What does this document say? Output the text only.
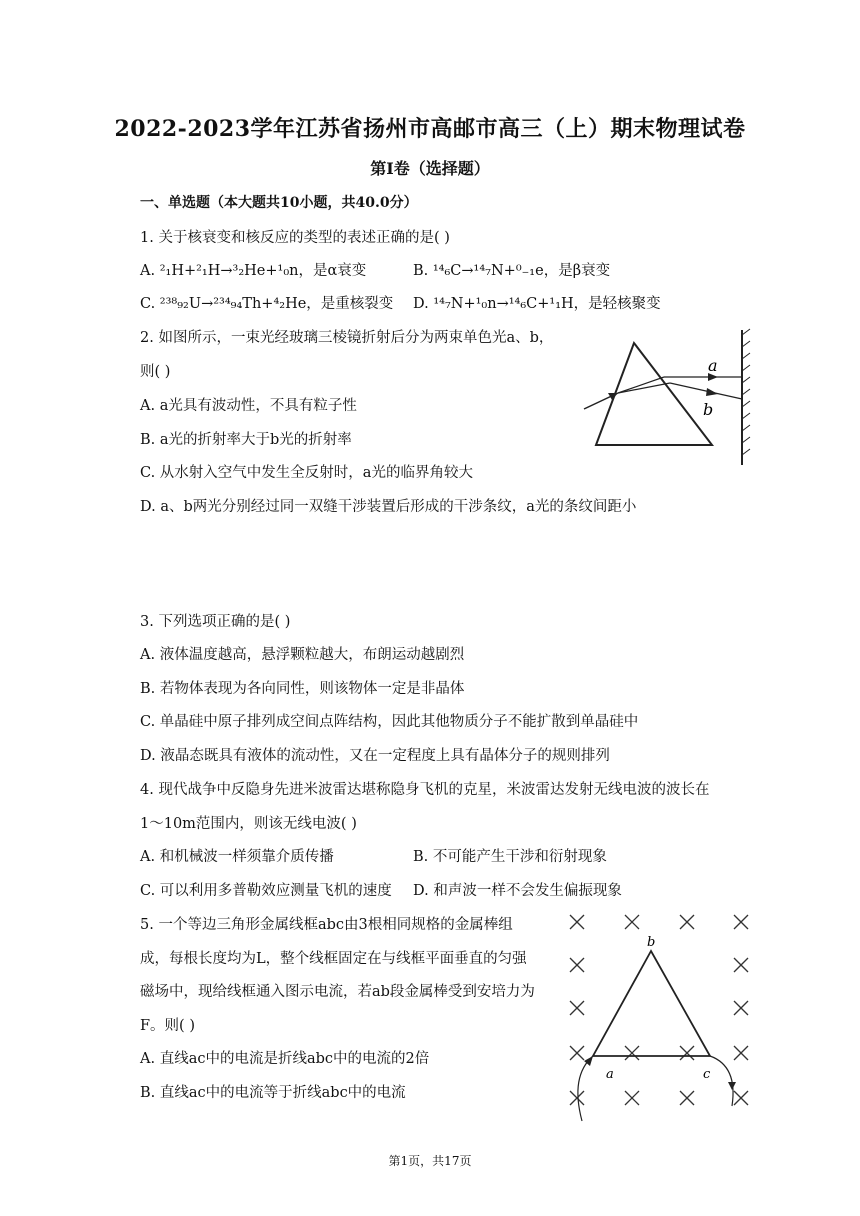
2022-2023学年江苏省扬州市高邮市高三（上）期末物理试卷
第Ⅰ卷（选择题）
一、单选题（本大题共10小题，共40.0分）
1. 关于核衰变和核反应的类型的表述正确的是( )
A. ²₁H+²₁H→³₂He+¹₀n，是α衰变	B. ¹⁴₆C→¹⁴₇N+⁰₋₁e，是β衰变
C. ²³⁸₉₂U→²³⁴₉₄Th+⁴₂He，是重核裂变 D. ¹⁴₇N+¹₀n→¹⁴₆C+¹₁H，是轻核聚变
2. 如图所示，一束光经玻璃三棱镜折射后分为两束单色光a、b，
则( )
A. a光具有波动性，不具有粒子性
B. a光的折射率大于b光的折射率
C. 从水射入空气中发生全反射时，a光的临界角较大
D. a、b两光分别经过同一双缝干涉装置后形成的干涉条纹，a光的条纹间距小
a
b
3. 下列选项正确的是( )
A. 液体温度越高，悬浮颗粒越大，布朗运动越剧烈
B. 若物体表现为各向同性，则该物体一定是非晶体
C. 单晶硅中原子排列成空间点阵结构，因此其他物质分子不能扩散到单晶硅中
D. 液晶态既具有液体的流动性，又在一定程度上具有晶体分子的规则排列
4. 现代战争中反隐身先进米波雷达堪称隐身飞机的克星，米波雷达发射无线电波的波长在
1～10m范围内，则该无线电波( )
A. 和机械波一样须靠介质传播	B. 不可能产生干涉和衍射现象
C. 可以利用多普勒效应测量飞机的速度 D. 和声波一样不会发生偏振现象
5. 一个等边三角形金属线框abc由3根相同规格的金属棒组
成，每根长度均为L，整个线框固定在与线框平面垂直的匀强
磁场中，现给线框通入图示电流，若ab段金属棒受到安培力为
F。则( )
A. 直线ac中的电流是折线abc中的电流的2倍
B. 直线ac中的电流等于折线abc中的电流
b
a	c
第1页，共17页
